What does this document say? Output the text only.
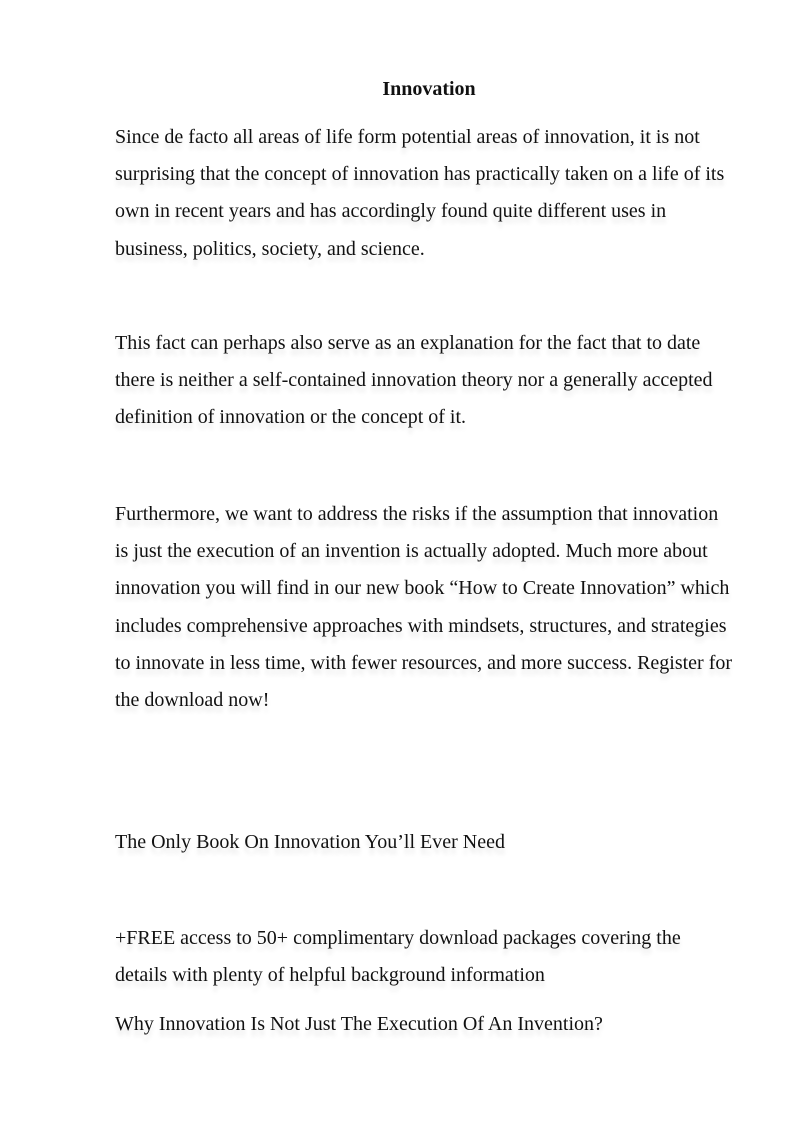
Innovation

Since de facto all areas of life form potential areas of innovation, it is not surprising that the concept of innovation has practically taken on a life of its own in recent years and has accordingly found quite different uses in business, politics, society, and science.

This fact can perhaps also serve as an explanation for the fact that to date there is neither a self-contained innovation theory nor a generally accepted definition of innovation or the concept of it.

Furthermore, we want to address the risks if the assumption that innovation is just the execution of an invention is actually adopted. Much more about innovation you will find in our new book “How to Create Innovation” which includes comprehensive approaches with mindsets, structures, and strategies to innovate in less time, with fewer resources, and more success. Register for the download now!

The Only Book On Innovation You’ll Ever Need

+FREE access to 50+ complimentary download packages covering the details with plenty of helpful background information

Why Innovation Is Not Just The Execution Of An Invention?
